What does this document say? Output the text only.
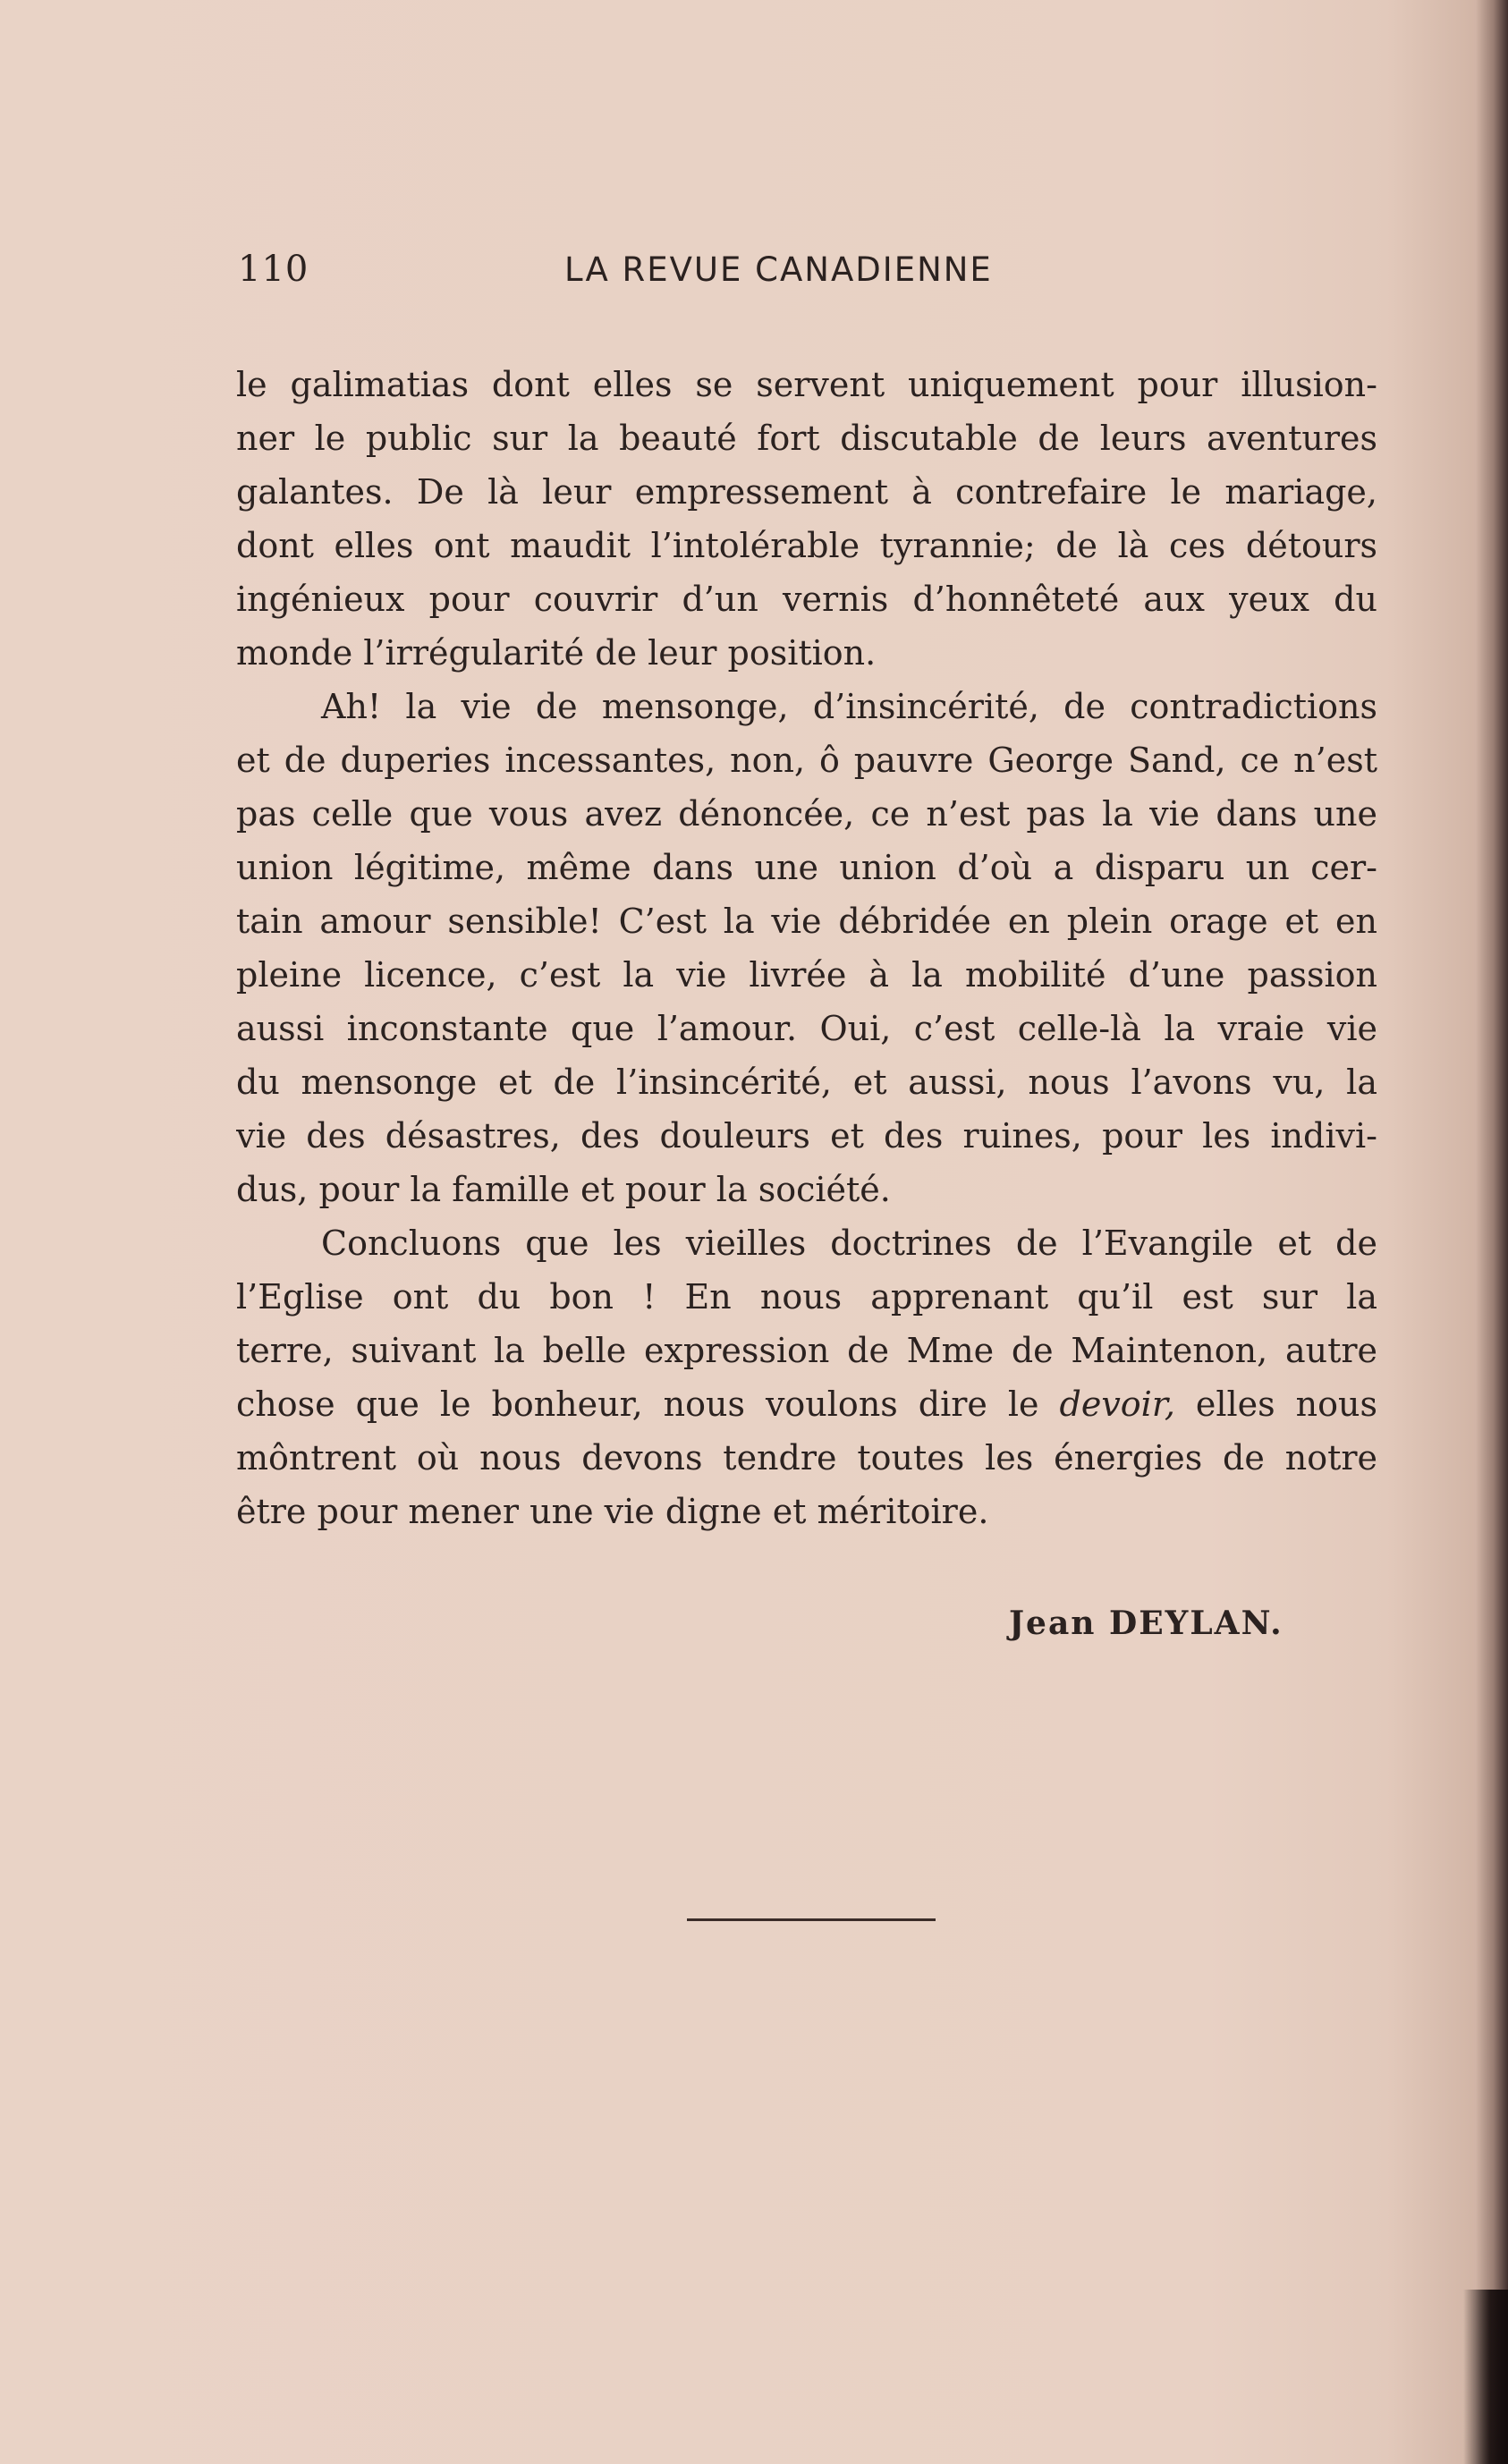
110	LA REVUE CANADIENNE
le galimatias dont elles se servent uniquement pour illusion-
ner le public sur la beauté fort discutable de leurs aventures
galantes. De là leur empressement à contrefaire le mariage,
dont elles ont maudit l’intolérable tyrannie; de là ces détours
ingénieux pour couvrir d’un vernis d’honnêteté aux yeux du
monde l’irrégularité de leur position.
Ah! la vie de mensonge, d’insincérité, de contradictions
et de duperies incessantes, non, ô pauvre George Sand, ce n’est
pas celle que vous avez dénoncée, ce n’est pas la vie dans une
union légitime, même dans une union d’où a disparu un cer-
tain amour sensible! C’est la vie débridée en plein orage et en
pleine licence, c’est la vie livrée à la mobilité d’une passion
aussi inconstante que l’amour. Oui, c’est celle-là la vraie vie
du mensonge et de l’insincérité, et aussi, nous l’avons vu, la
vie des désastres, des douleurs et des ruines, pour les indivi-
dus, pour la famille et pour la société.
Concluons que les vieilles doctrines de l’Evangile et de
l’Eglise ont du bon ! En nous apprenant qu’il est sur la
terre, suivant la belle expression de Mme de Maintenon, autre
chose que le bonheur, nous voulons dire le devoir, elles nous
môntrent où nous devons tendre toutes les énergies de notre
être pour mener une vie digne et méritoire.
Jean DEYLAN.
